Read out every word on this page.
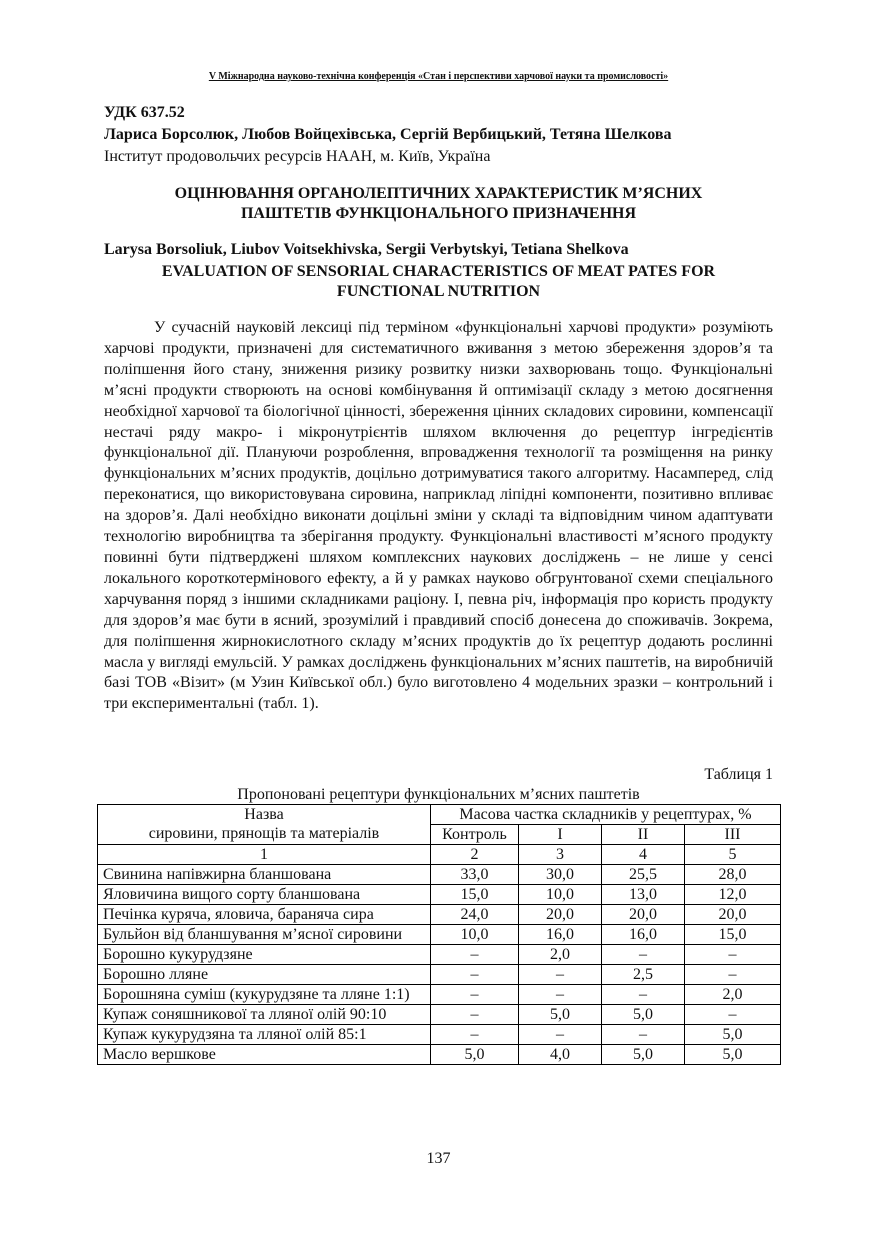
V Міжнародна науково-технічна конференція «Стан і перспективи харчової науки та промисловості»
УДК 637.52
Лариса Борсолюк, Любов Войцехівська, Сергій Вербицький, Тетяна Шелкова
Інститут продовольчих ресурсів НААН, м. Київ, Україна
ОЦІНЮВАННЯ ОРГАНОЛЕПТИЧНИХ ХАРАКТЕРИСТИК М’ЯСНИХ
ПАШТЕТІВ ФУНКЦІОНАЛЬНОГО ПРИЗНАЧЕННЯ
Larysa Borsoliuk, Liubov Voitsekhivska, Sergii Verbytskyi, Tetiana Shelkova
EVALUATION OF SENSORIAL CHARACTERISTICS OF MEAT PATES FOR
FUNCTIONAL NUTRITION

У сучасній науковій лексиці під терміном «функціональні харчові продукти» розуміють харчові продукти, призначені для систематичного вживання з метою збереження здоров’я та поліпшення його стану, зниження ризику розвитку низки захворювань тощо. Функціональні м’ясні продукти створюють на основі комбінування й оптимізації складу з метою досягнення необхідної харчової та біологічної цінності, збереження цінних складових сировини, компенсації нестачі ряду макро- і мікронутрієнтів шляхом включення до рецептур інгредієнтів функціональної дії. Плануючи розроблення, впровадження технології та розміщення на ринку функціональних м’ясних продуктів, доцільно дотримуватися такого алгоритму. Насамперед, слід переконатися, що використовувана сировина, наприклад ліпідні компоненти, позитивно впливає на здоров’я. Далі необхідно виконати доцільні зміни у складі та відповідним чином адаптувати технологію виробництва та зберігання продукту. Функціональні властивості м’ясного продукту повинні бути підтверджені шляхом комплексних наукових досліджень – не лише у сенсі локального короткотермінового ефекту, а й у рамках науково обгрунтованої схеми спеціального харчування поряд з іншими складниками раціону. І, певна річ, інформація про користь продукту для здоров’я має бути в ясний, зрозумілий і правдивий спосіб донесена до споживачів. Зокрема, для поліпшення жирнокислотного складу м’ясних продуктів до їх рецептур додають рослинні масла у вигляді емульсій. У рамках досліджень функціональних м’ясних паштетів, на виробничій базі ТОВ «Візит» (м Узин Київської обл.) було виготовлено 4 модельних зразки – контрольний і три експериментальні (табл. 1).

Таблиця 1
Пропоновані рецептури функціональних м’ясних паштетів
Назва
сировини, прянощів та матеріалів	Масова частка складників у рецептурах, %			
	Контроль	I	II	III
1	2	3	4	5
Свинина напівжирна бланшована	33,0	30,0	25,5	28,0
Яловичина вищого сорту бланшована	15,0	10,0	13,0	12,0
Печінка куряча, яловича, бараняча сира	24,0	20,0	20,0	20,0
Бульйон від бланшування м’ясної сировини	10,0	16,0	16,0	15,0
Борошно кукурудзяне	–	2,0	–	–
Борошно лляне	–	–	2,5	–
Борошняна суміш (кукурудзяне та лляне 1:1)	–	–	–	2,0
Купаж соняшникової та лляної олій 90:10	–	5,0	5,0	–
Купаж кукурудзяна та лляної олій 85:1	–	–	–	5,0
Масло вершкове	5,0	4,0	5,0	5,0
137
